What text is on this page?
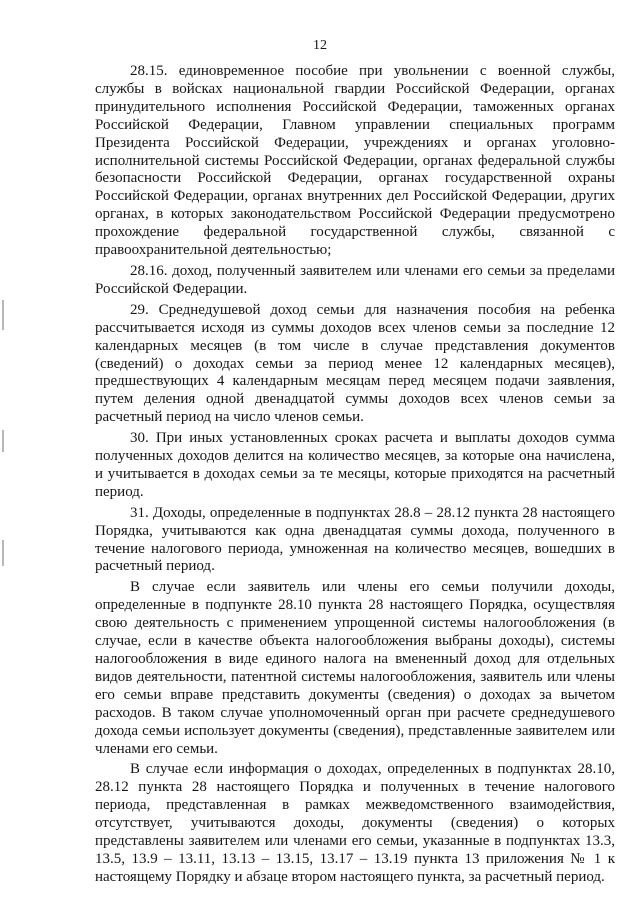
12

28.15. единовременное пособие при увольнении с военной службы, службы в войсках национальной гвардии Российской Федерации, органах принудительного исполнения Российской Федерации, таможенных органах Российской Федерации, Главном управлении специальных программ Президента Российской Федерации, учреждениях и органах уголовно-исполнительной системы Российской Федерации, органах федеральной службы безопасности Российской Федерации, органах государственной охраны Российской Федерации, органах внутренних дел Российской Федерации, других органах, в которых законодательством Российской Федерации предусмотрено прохождение федеральной государственной службы, связанной с правоохранительной деятельностью;

28.16. доход, полученный заявителем или членами его семьи за пределами Российской Федерации.

29. Среднедушевой доход семьи для назначения пособия на ребенка рассчитывается исходя из суммы доходов всех членов семьи за последние 12 календарных месяцев (в том числе в случае представления документов (сведений) о доходах семьи за период менее 12 календарных месяцев), предшествующих 4 календарным месяцам перед месяцем подачи заявления, путем деления одной двенадцатой суммы доходов всех членов семьи за расчетный период на число членов семьи.

30. При иных установленных сроках расчета и выплаты доходов сумма полученных доходов делится на количество месяцев, за которые она начислена, и учитывается в доходах семьи за те месяцы, которые приходятся на расчетный период.

31. Доходы, определенные в подпунктах 28.8 – 28.12 пункта 28 настоящего Порядка, учитываются как одна двенадцатая суммы дохода, полученного в течение налогового периода, умноженная на количество месяцев, вошедших в расчетный период.

В случае если заявитель или члены его семьи получили доходы, определенные в подпункте 28.10 пункта 28 настоящего Порядка, осуществляя свою деятельность с применением упрощенной системы налогообложения (в случае, если в качестве объекта налогообложения выбраны доходы), системы налогообложения в виде единого налога на вмененный доход для отдельных видов деятельности, патентной системы налогообложения, заявитель или члены его семьи вправе представить документы (сведения) о доходах за вычетом расходов. В таком случае уполномоченный орган при расчете среднедушевого дохода семьи использует документы (сведения), представленные заявителем или членами его семьи.

В случае если информация о доходах, определенных в подпунктах 28.10, 28.12 пункта 28 настоящего Порядка и полученных в течение налогового периода, представленная в рамках межведомственного взаимодействия, отсутствует, учитываются доходы, документы (сведения) о которых представлены заявителем или членами его семьи, указанные в подпунктах 13.3, 13.5, 13.9 – 13.11, 13.13 – 13.15, 13.17 – 13.19 пункта 13 приложения № 1 к настоящему Порядку и абзаце втором настоящего пункта, за расчетный период.
